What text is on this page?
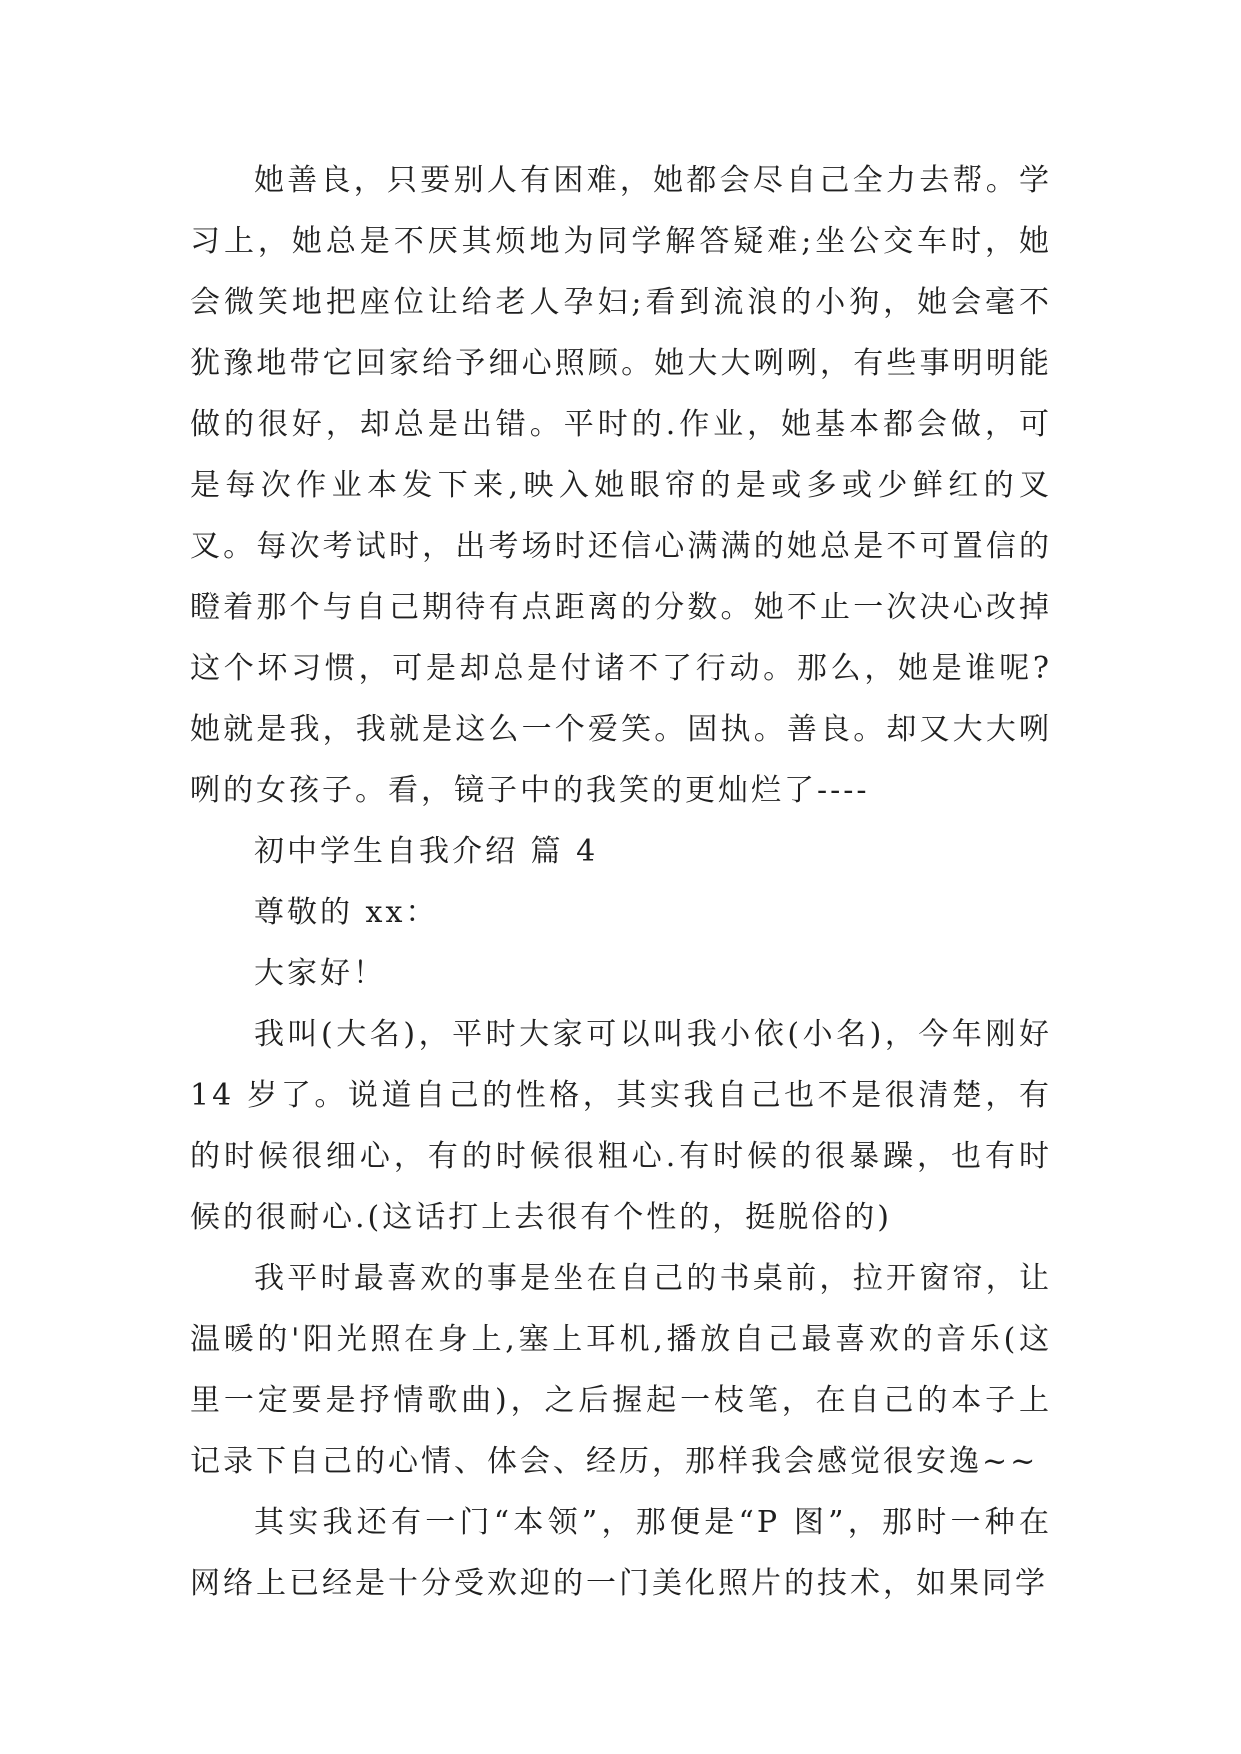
她善良，只要别人有困难，她都会尽自己全力去帮。学习上，她总是不厌其烦地为同学解答疑难;坐公交车时，她会微笑地把座位让给老人孕妇;看到流浪的小狗，她会毫不犹豫地带它回家给予细心照顾。她大大咧咧，有些事明明能做的很好，却总是出错。平时的.作业，她基本都会做，可是每次作业本发下来,映入她眼帘的是或多或少鲜红的叉叉。每次考试时，出考场时还信心满满的她总是不可置信的瞪着那个与自己期待有点距离的分数。她不止一次决心改掉这个坏习惯，可是却总是付诸不了行动。那么，她是谁呢?她就是我，我就是这么一个爱笑。固执。善良。却又大大咧咧的女孩子。看，镜子中的我笑的更灿烂了----

初中学生自我介绍 篇 4

尊敬的 xx：

大家好！

我叫(大名)，平时大家可以叫我小依(小名)，今年刚好 14 岁了。说道自己的性格，其实我自己也不是很清楚，有的时候很细心，有的时候很粗心.有时候的很暴躁，也有时候的很耐心.(这话打上去很有个性的，挺脱俗的)

我平时最喜欢的事是坐在自己的书桌前，拉开窗帘，让温暖的'阳光照在身上,塞上耳机,播放自己最喜欢的音乐(这里一定要是抒情歌曲)，之后握起一枝笔，在自己的本子上记录下自己的心情、体会、经历，那样我会感觉很安逸~~

其实我还有一门“本领”，那便是“P 图”，那时一种在网络上已经是十分受欢迎的一门美化照片的技术，如果同学
